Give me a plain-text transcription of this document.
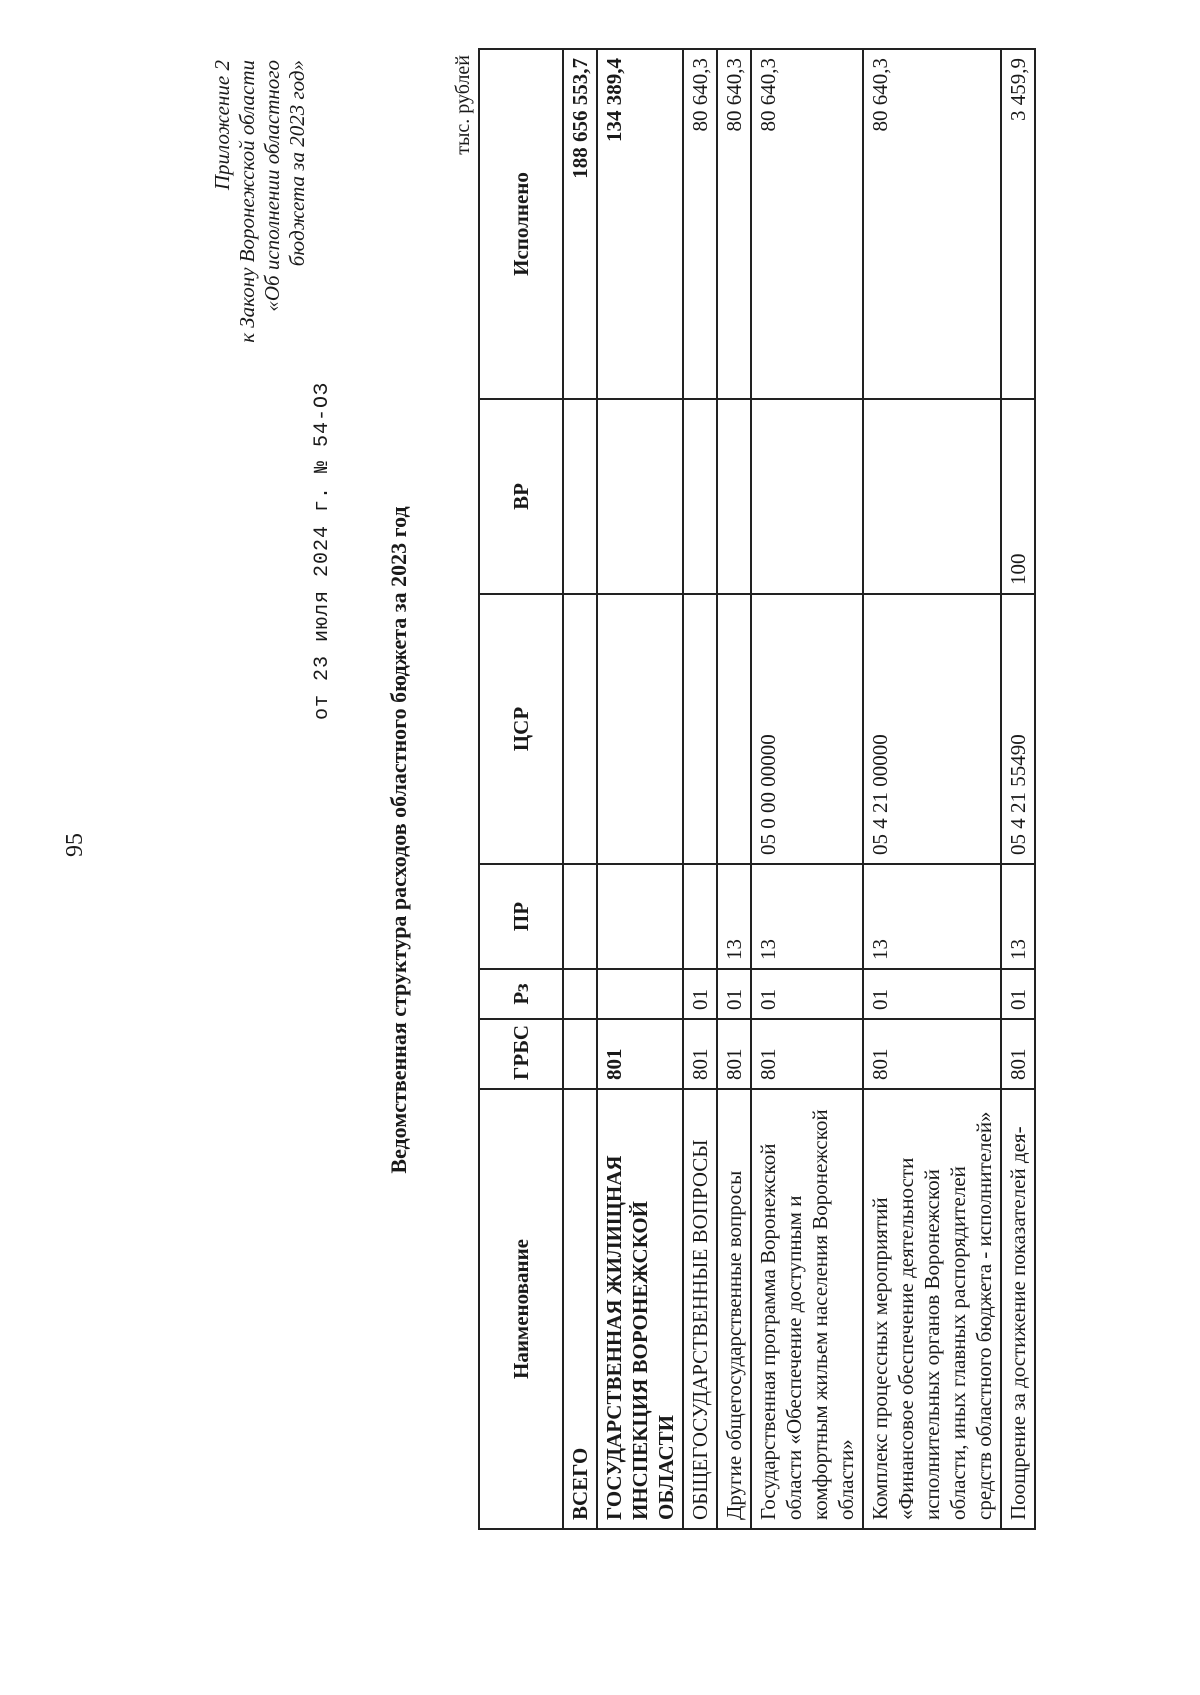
95
Приложение 2 к Закону Воронежской области «Об исполнении областного бюджета за 2023 год»
от 23 июля 2024 г. № 54-ОЗ Ведомственная структура расходов областного бюджета за 2023 год
тыс. рублей
Наименование	ГРБС	Рз	ПР	ЦСР	ВР	Исполнено
ВСЕГО						188 656 553,7
ГОСУДАРСТВЕННАЯ ЖИЛИЩНАЯ ИНСПЕКЦИЯ ВОРОНЕЖСКОЙ ОБЛАСТИ	801					134 389,4
ОБЩЕГОСУДАРСТВЕННЫЕ ВОПРОСЫ	801	01				80 640,3
Другие общегосударственные вопросы	801	01	13			80 640,3
Государственная программа Воронежской области «Обеспечение доступным и комфортным жильем населения Воронежской области»	801	01	13	05 0 00 00000		80 640,3
Комплекс процессных мероприятий «Финансовое обеспечение деятельности исполнительных органов Воронежской области, иных главных распорядителей средств областного бюджета - исполнителей»	801	01	13	05 4 21 00000		80 640,3
Поощрение за достижение показателей дея-	801	01	13	05 4 21 55490	100	3 459,9
